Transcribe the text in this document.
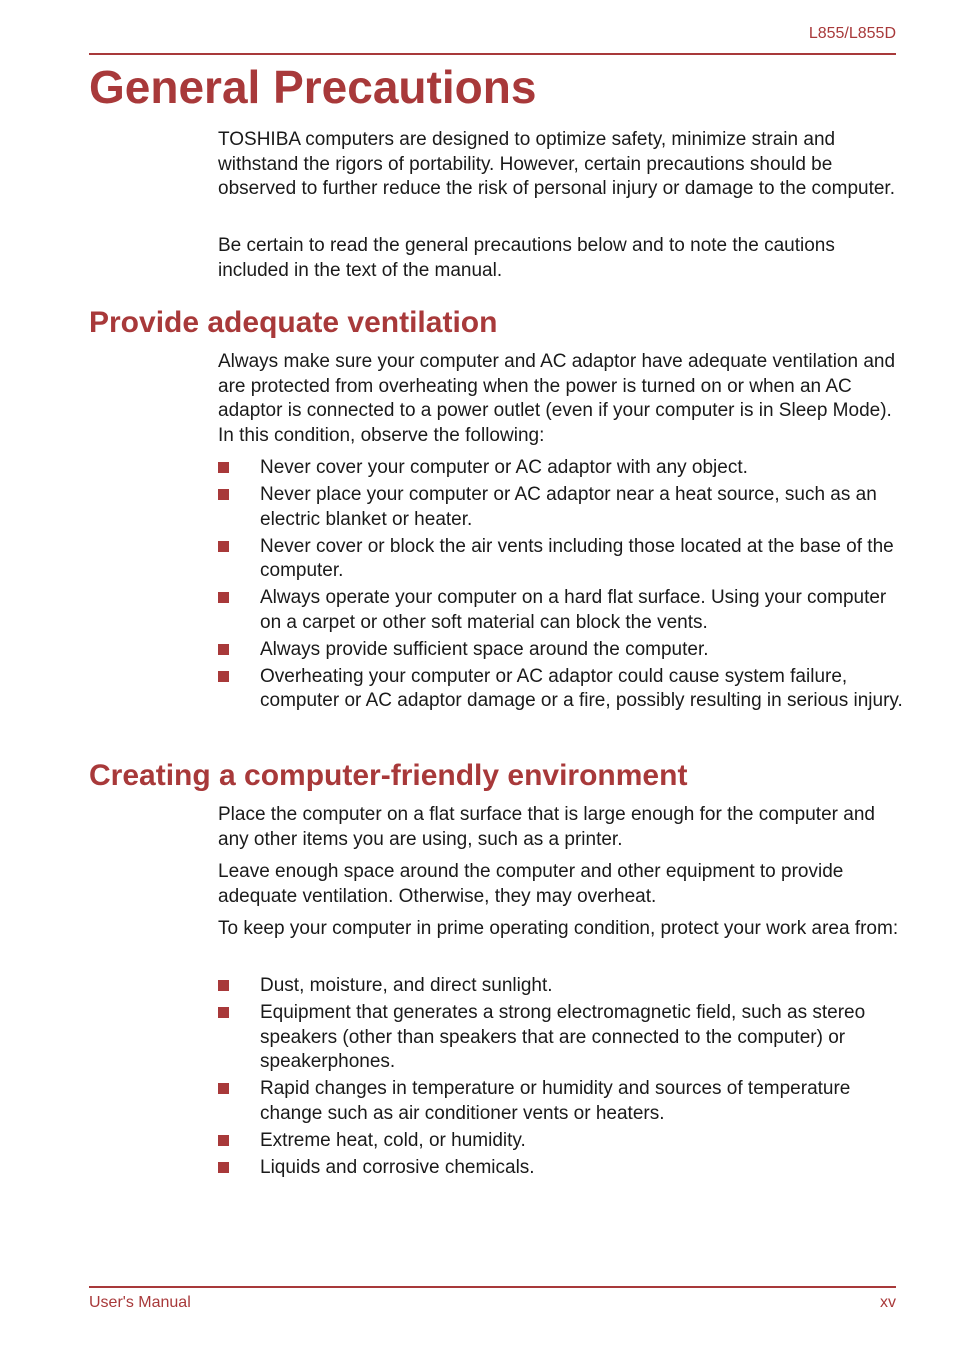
L855/L855D
General Precautions

TOSHIBA computers are designed to optimize safety, minimize strain and withstand the rigors of portability. However, certain precautions should be observed to further reduce the risk of personal injury or damage to the computer.

Be certain to read the general precautions below and to note the cautions included in the text of the manual.

Provide adequate ventilation

Always make sure your computer and AC adaptor have adequate ventilation and are protected from overheating when the power is turned on or when an AC adaptor is connected to a power outlet (even if your computer is in Sleep Mode). In this condition, observe the following:

Never cover your computer or AC adaptor with any object.
Never place your computer or AC adaptor near a heat source, such as an electric blanket or heater.
Never cover or block the air vents including those located at the base of the computer.
Always operate your computer on a hard flat surface. Using your computer on a carpet or other soft material can block the vents.
Always provide sufficient space around the computer.
Overheating your computer or AC adaptor could cause system failure, computer or AC adaptor damage or a fire, possibly resulting in serious injury.
Creating a computer-friendly environment

Place the computer on a flat surface that is large enough for the computer and any other items you are using, such as a printer.

Leave enough space around the computer and other equipment to provide adequate ventilation. Otherwise, they may overheat.

To keep your computer in prime operating condition, protect your work area from:

Dust, moisture, and direct sunlight.
Equipment that generates a strong electromagnetic field, such as stereo speakers (other than speakers that are connected to the computer) or speakerphones.
Rapid changes in temperature or humidity and sources of temperature change such as air conditioner vents or heaters.
Extreme heat, cold, or humidity.
Liquids and corrosive chemicals.
User's Manual	xv
